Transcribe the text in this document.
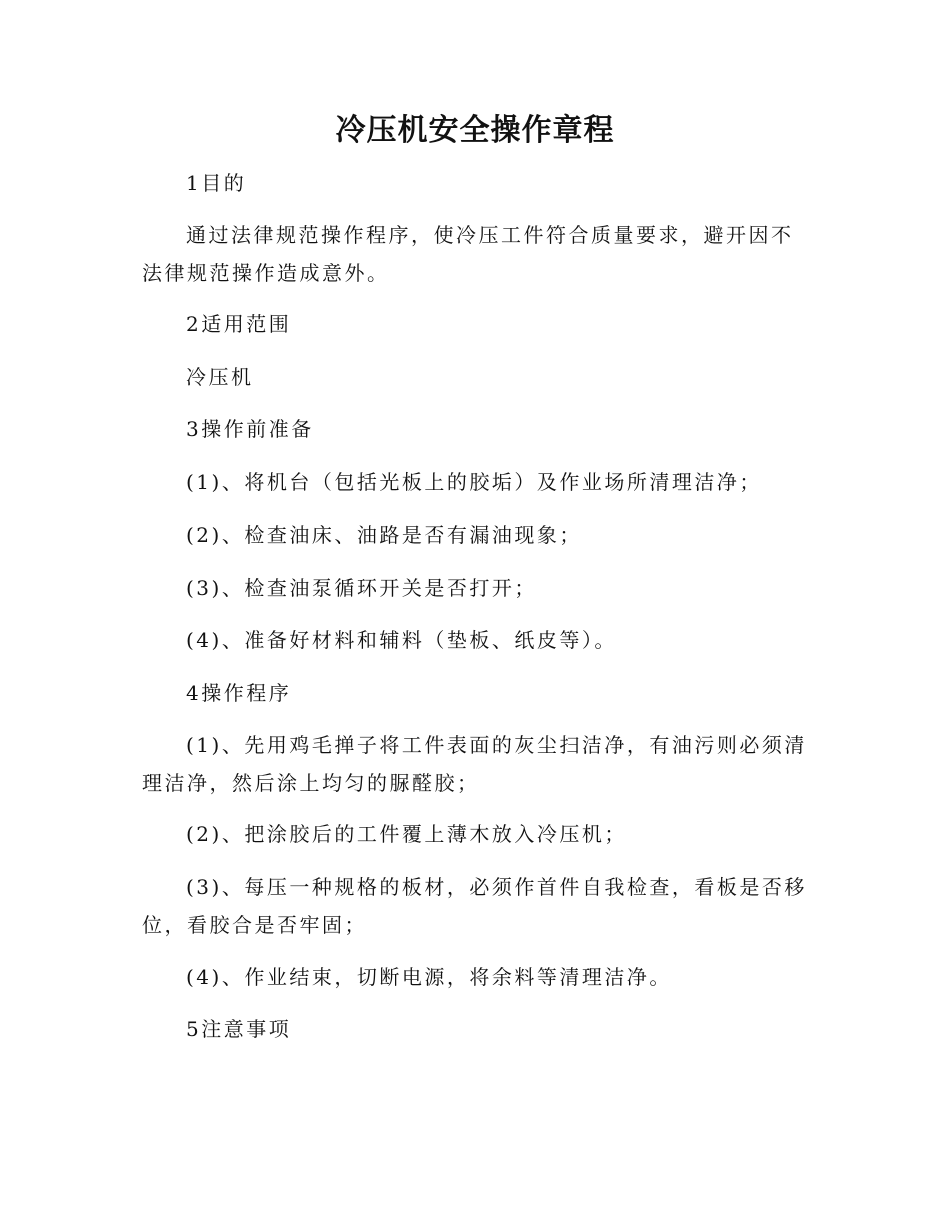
冷压机安全操作章程

1目的

通过法律规范操作程序，使冷压工件符合质量要求，避开因不法律规范操作造成意外。

2适用范围

冷压机

3操作前准备

(1)、将机台（包括光板上的胶垢）及作业场所清理洁净；

(2)、检查油床、油路是否有漏油现象；

(3)、检查油泵循环开关是否打开；

(4)、准备好材料和辅料（垫板、纸皮等）。

4操作程序

(1)、先用鸡毛掸子将工件表面的灰尘扫洁净，有油污则必须清理洁净，然后涂上均匀的脲醛胶；

(2)、把涂胶后的工件覆上薄木放入冷压机；

(3)、每压一种规格的板材，必须作首件自我检查，看板是否移位，看胶合是否牢固；

(4)、作业结束，切断电源，将余料等清理洁净。

5注意事项
